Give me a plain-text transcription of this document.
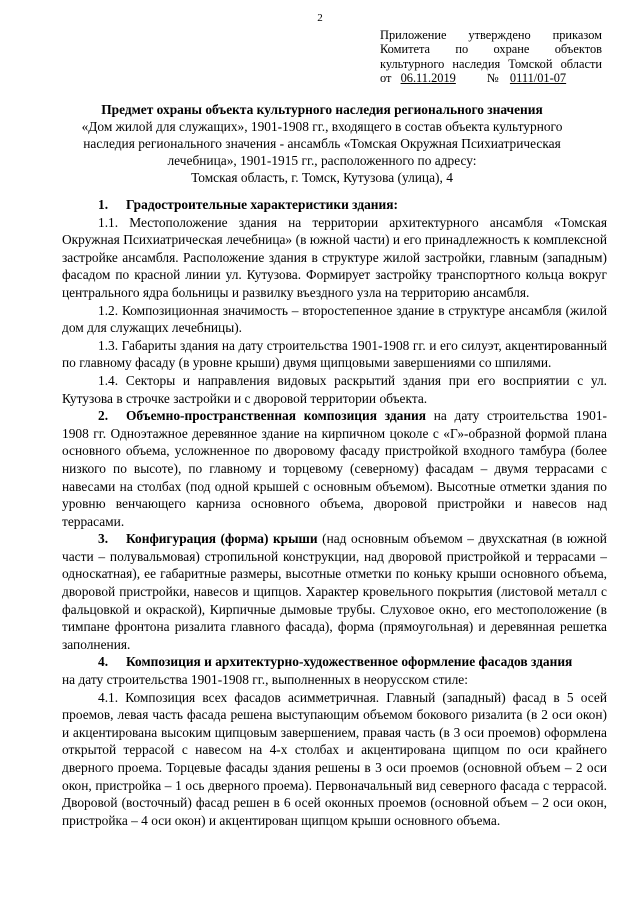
2
Приложение утверждено приказом
Комитета по охране объектов
культурного наследия Томской области
от 06.11.2019	№ 0111/01-07
Предмет охраны объекта культурного наследия регионального значения
«Дом жилой для служащих», 1901-1908 гг., входящего в состав объекта культурного наследия регионального значения - ансамбль «Томская Окружная Психиатрическая лечебница», 1901-1915 гг., расположенного по адресу:
Томская область, г. Томск, Кутузова (улица), 4

1. Градостроительные характеристики здания:

1.1. Местоположение здания на территории архитектурного ансамбля «Томская Окружная Психиатрическая лечебница» (в южной части) и его принадлежность к комплексной застройке ансамбля. Расположение здания в структуре жилой застройки, главным (западным) фасадом по красной линии ул. Кутузова. Формирует застройку транспортного кольца вокруг центрального ядра больницы и развилку въездного узла на территорию ансамбля.

1.2. Композиционная значимость – второстепенное здание в структуре ансамбля (жилой дом для служащих лечебницы).

1.3. Габариты здания на дату строительства 1901-1908 гг. и его силуэт, акцентированный по главному фасаду (в уровне крыши) двумя щипцовыми завершениями со шпилями.

1.4. Секторы и направления видовых раскрытий здания при его восприятии с ул. Кутузова в строчке застройки и с дворовой территории объекта.

2. Объемно-пространственная композиция здания на дату строительства 1901-1908 гг. Одноэтажное деревянное здание на кирпичном цоколе с «Г»-образной формой плана основного объема, усложненное по дворовому фасаду пристройкой входного тамбура (более низкого по высоте), по главному и торцевому (северному) фасадам – двумя террасами с навесами на столбах (под одной крышей с основным объемом). Высотные отметки здания по уровню венчающего карниза основного объема, дворовой пристройки и навесов над террасами.

3. Конфигурация (форма) крыши (над основным объемом – двухскатная (в южной части – полувальмовая) стропильной конструкции, над дворовой пристройкой и террасами – односкатная), ее габаритные размеры, высотные отметки по коньку крыши основного объема, дворовой пристройки, навесов и щипцов. Характер кровельного покрытия (листовой металл с фальцовкой и окраской), Кирпичные дымовые трубы. Слуховое окно, его местоположение (в тимпане фронтона ризалита главного фасада), форма (прямоугольная) и деревянная решетка заполнения.

4. Композиция и архитектурно-художественное оформление фасадов здания

на дату строительства 1901-1908 гг., выполненных в неорусском стиле:

4.1. Композиция всех фасадов асимметричная. Главный (западный) фасад в 5 осей проемов, левая часть фасада решена выступающим объемом бокового ризалита (в 2 оси окон) и акцентирована высоким щипцовым завершением, правая часть (в 3 оси проемов) оформлена открытой террасой с навесом на 4-х столбах и акцентирована щипцом по оси крайнего дверного проема. Торцевые фасады здания решены в 3 оси проемов (основной объем – 2 оси окон, пристройка – 1 ось дверного проема). Первоначальный вид северного фасада с террасой. Дворовой (восточный) фасад решен в 6 осей оконных проемов (основной объем – 2 оси окон, пристройка – 4 оси окон) и акцентирован щипцом крыши основного объема.
